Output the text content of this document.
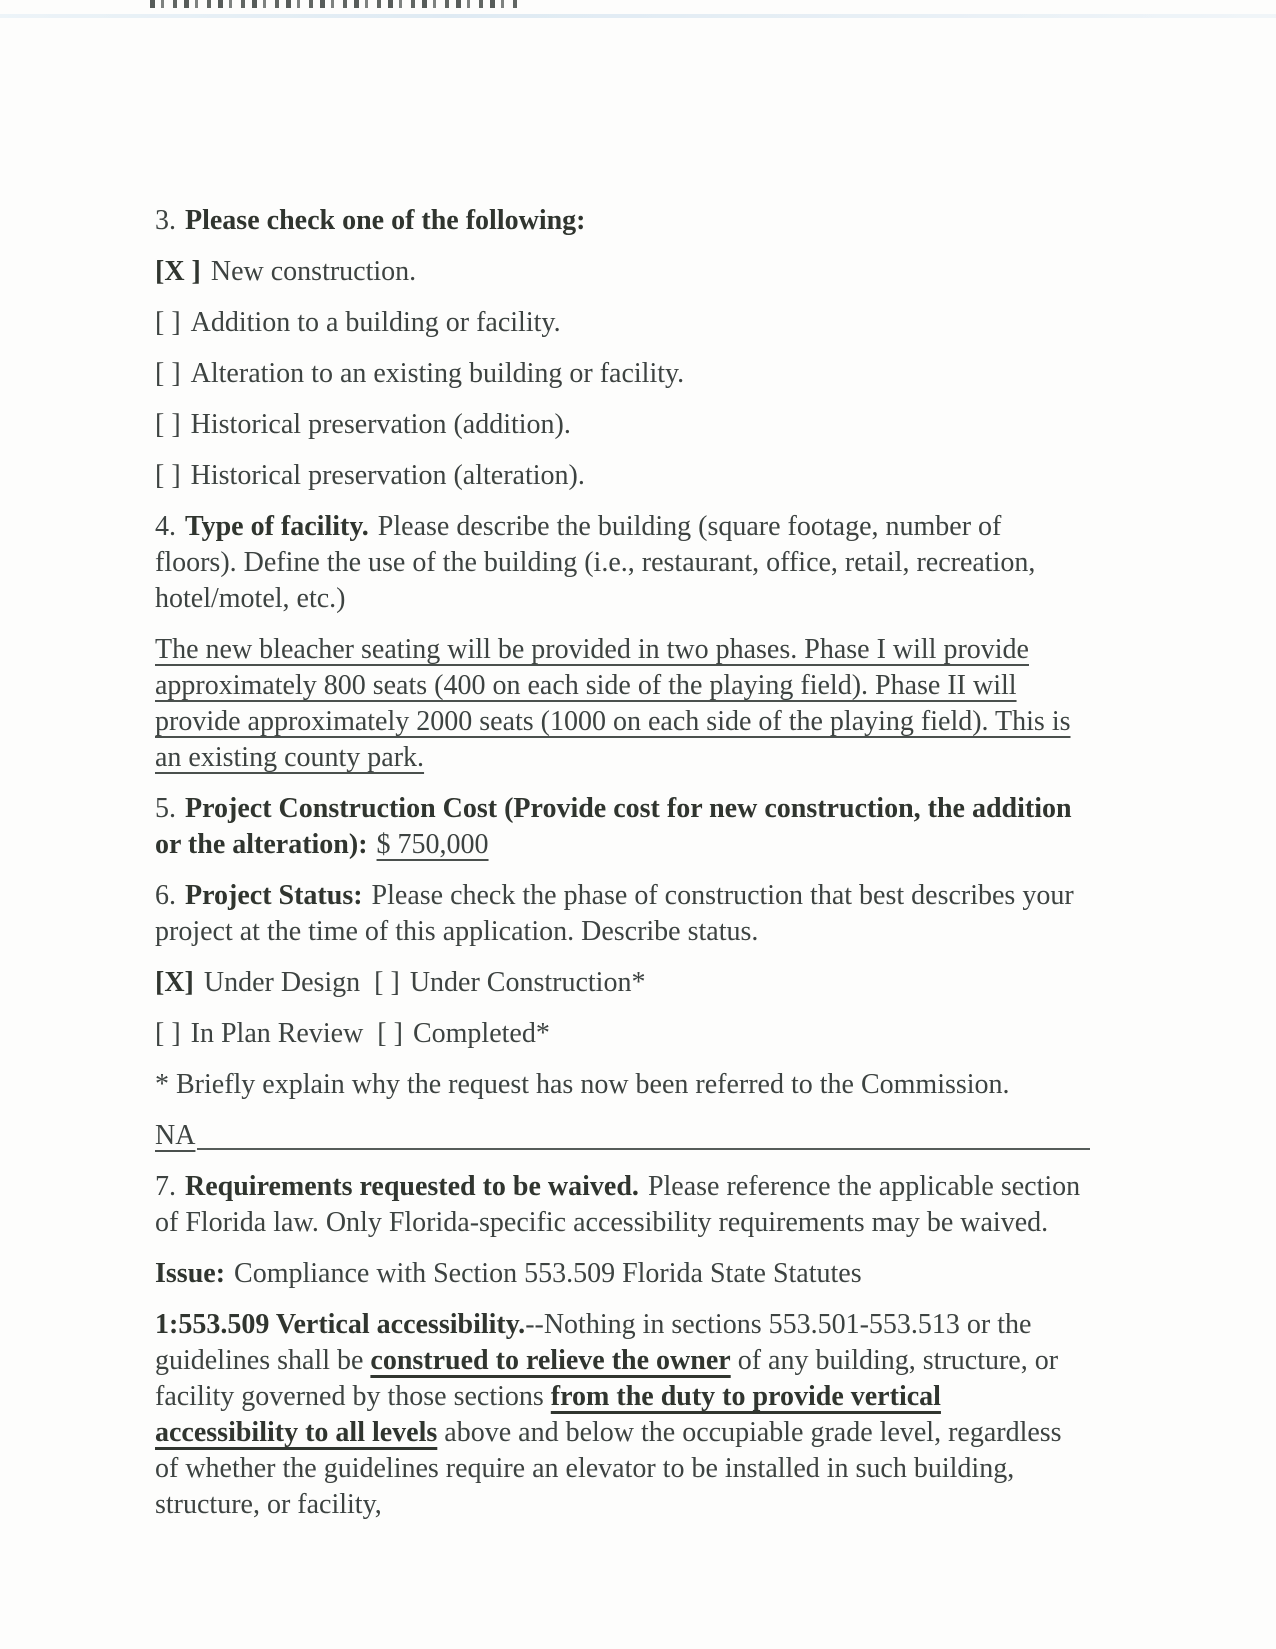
3. Please check one of the following:

[X ] New construction.

[ ] Addition to a building or facility.

[ ] Alteration to an existing building or facility.

[ ] Historical preservation (addition).

[ ] Historical preservation (alteration).

4. Type of facility. Please describe the building (square footage, number of floors). Define the use of the building (i.e., restaurant, office, retail, recreation, hotel/motel, etc.)

The new bleacher seating will be provided in two phases. Phase I will provide approximately 800 seats (400 on each side of the playing field). Phase II will provide approximately 2000 seats (1000 on each side of the playing field). This is an existing county park.

5. Project Construction Cost (Provide cost for new construction, the addition or the alteration): $ 750,000

6. Project Status: Please check the phase of construction that best describes your project at the time of this application. Describe status.

[X] Under Design [ ] Under Construction*

[ ] In Plan Review [ ] Completed*

* Briefly explain why the request has now been referred to the Commission.

NA

7. Requirements requested to be waived. Please reference the applicable section of Florida law. Only Florida-specific accessibility requirements may be waived.

Issue: Compliance with Section 553.509 Florida State Statutes

1:553.509 Vertical accessibility.--Nothing in sections 553.501-553.513 or the guidelines shall be construed to relieve the owner of any building, structure, or facility governed by those sections from the duty to provide vertical accessibility to all levels above and below the occupiable grade level, regardless of whether the guidelines require an elevator to be installed in such building, structure, or facility,
